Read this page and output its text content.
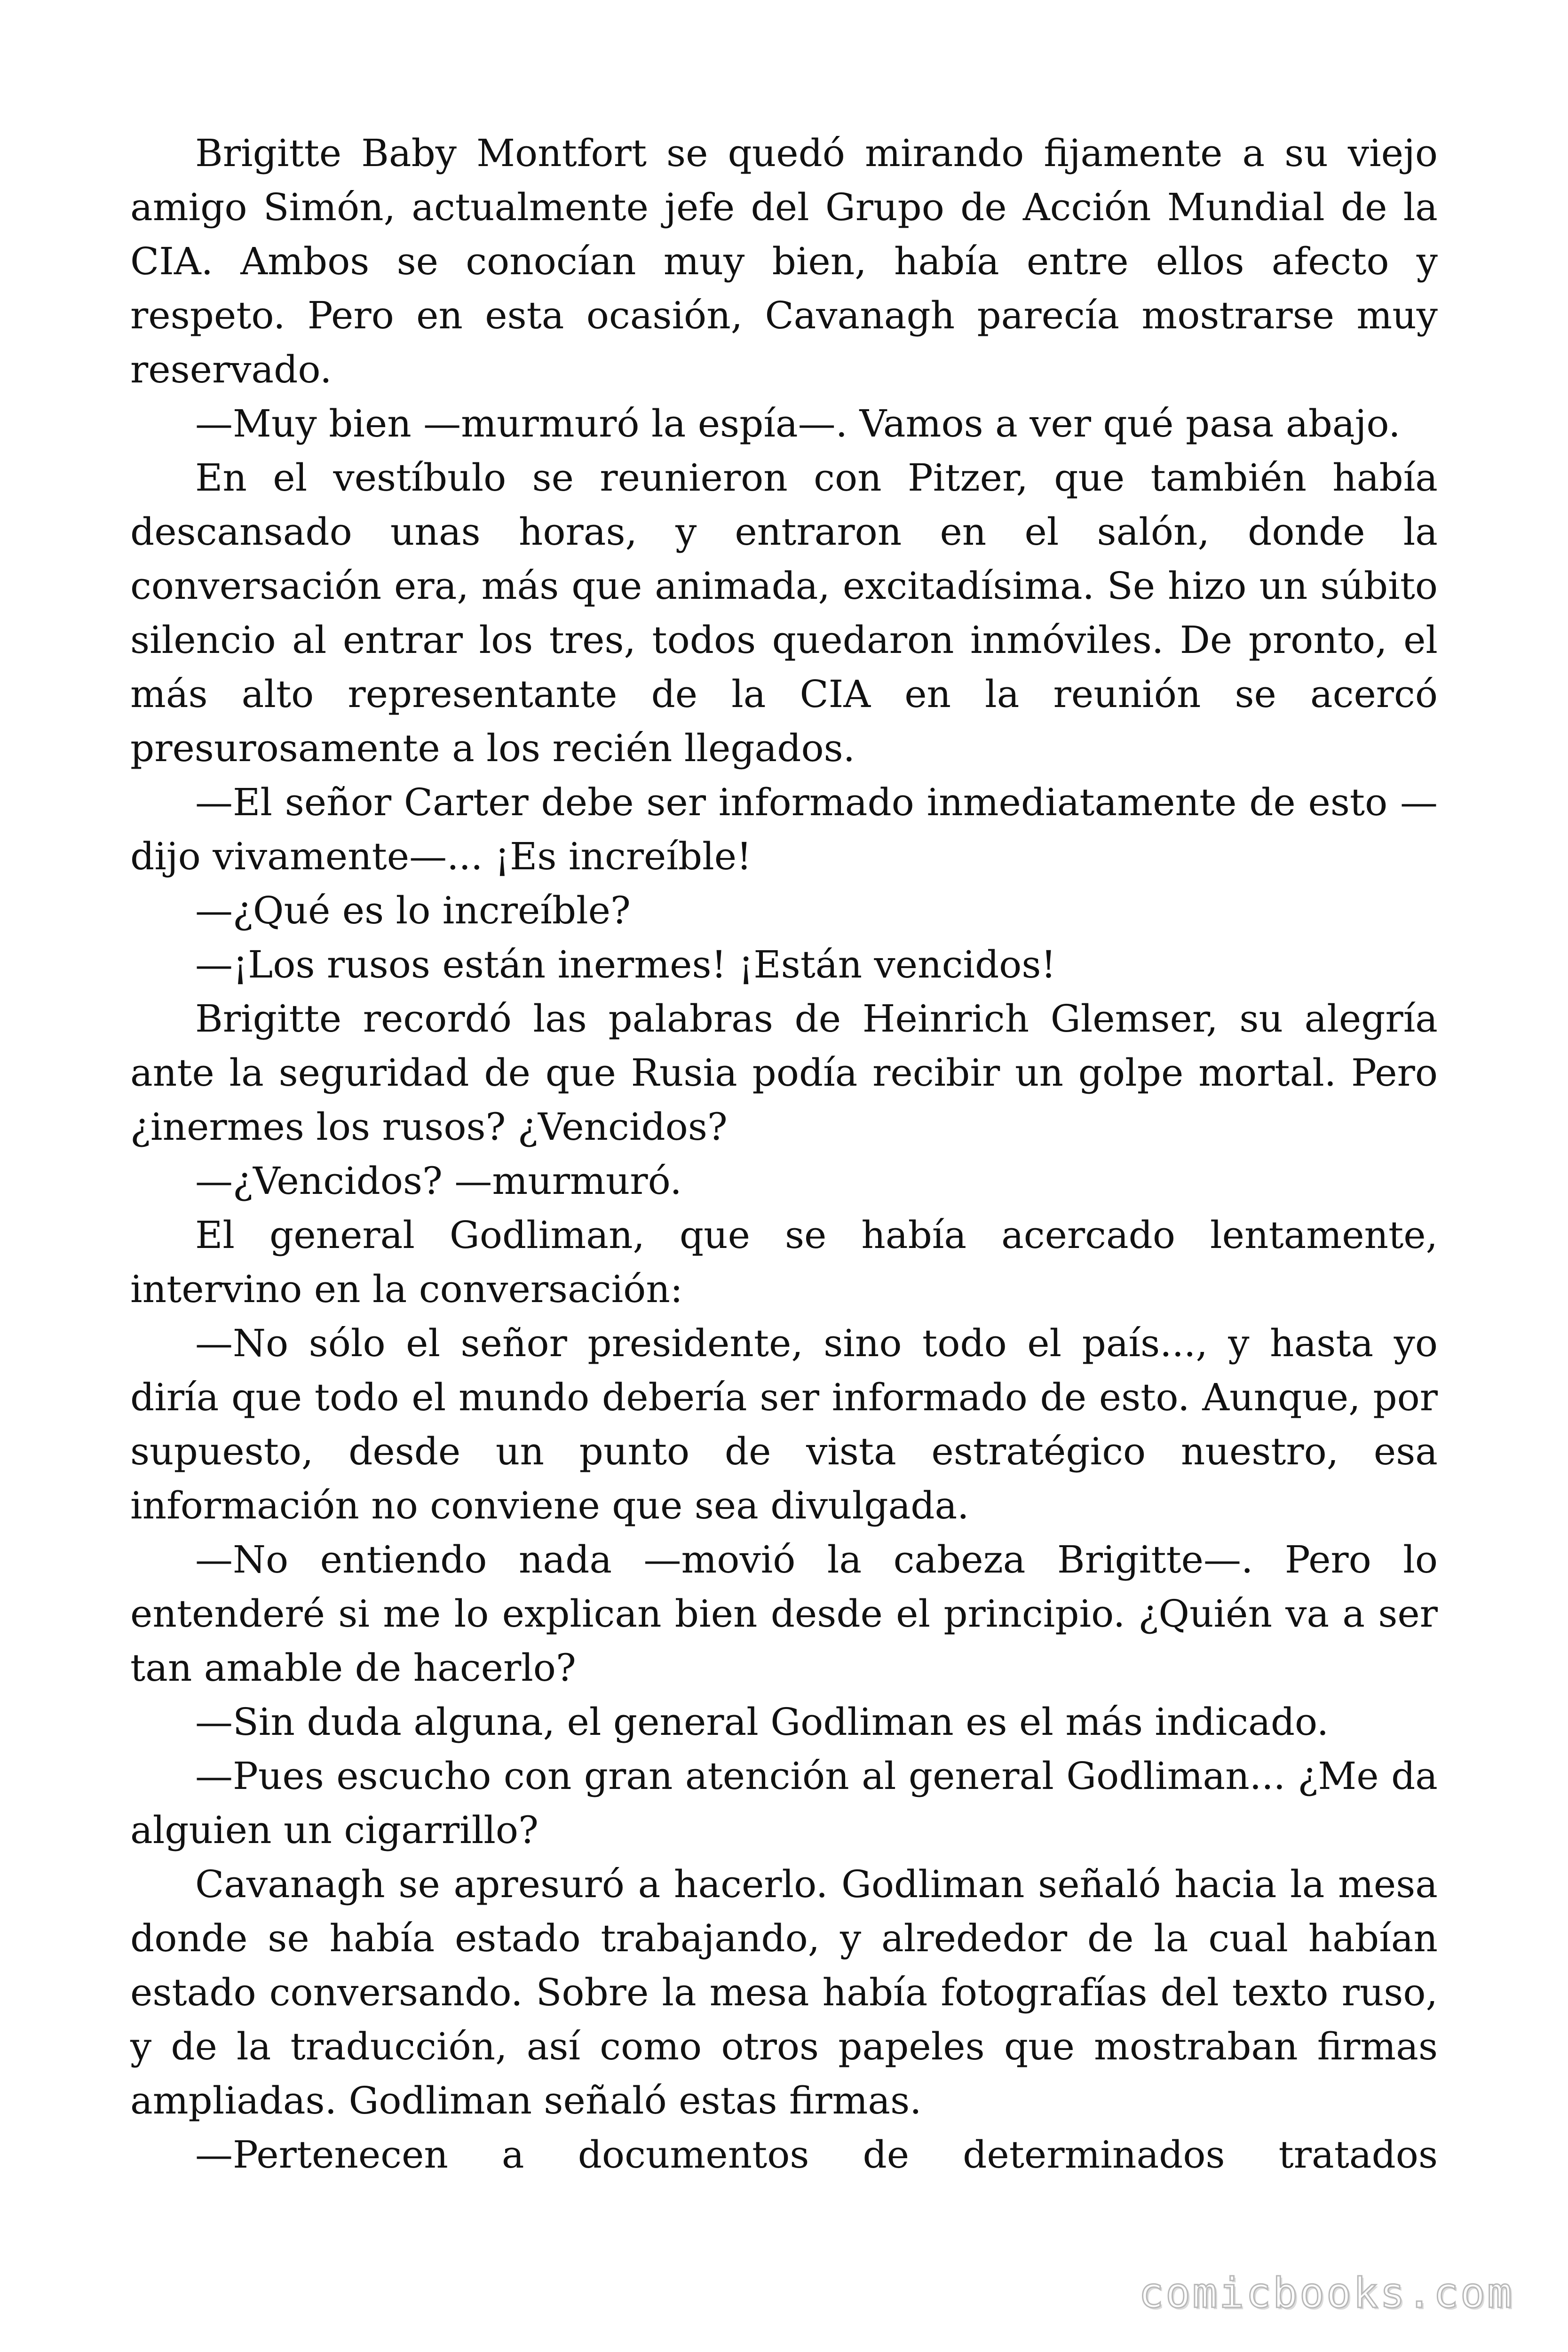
Brigitte Baby Montfort se quedó mirando fijamente a su viejo amigo Simón, actualmente jefe del Grupo de Acción Mundial de la CIA. Ambos se conocían muy bien, había entre ellos afecto y respeto. Pero en esta ocasión, Cavanagh parecía mostrarse muy reservado.

—Muy bien —murmuró la espía—. Vamos a ver qué pasa abajo.

En el vestíbulo se reunieron con Pitzer, que también había descansado unas horas, y entraron en el salón, donde la conversación era, más que animada, excitadísima. Se hizo un súbito silencio al entrar los tres, todos quedaron inmóviles. De pronto, el más alto representante de la CIA en la reunión se acercó presurosamente a los recién llegados.

—El señor Carter debe ser informado inmediatamente de esto —dijo vivamente—... ¡Es increíble!

—¿Qué es lo increíble?

—¡Los rusos están inermes! ¡Están vencidos!

Brigitte recordó las palabras de Heinrich Glemser, su alegría ante la seguridad de que Rusia podía recibir un golpe mortal. Pero ¿inermes los rusos? ¿Vencidos?

—¿Vencidos? —murmuró.

El general Godliman, que se había acercado lentamente, intervino en la conversación:

—No sólo el señor presidente, sino todo el país..., y hasta yo diría que todo el mundo debería ser informado de esto. Aunque, por supuesto, desde un punto de vista estratégico nuestro, esa información no conviene que sea divulgada.

—No entiendo nada —movió la cabeza Brigitte—. Pero lo entenderé si me lo explican bien desde el principio. ¿Quién va a ser tan amable de hacerlo?

—Sin duda alguna, el general Godliman es el más indicado.

—Pues escucho con gran atención al general Godliman... ¿Me da alguien un cigarrillo?

Cavanagh se apresuró a hacerlo. Godliman señaló hacia la mesa donde se había estado trabajando, y alrededor de la cual habían estado conversando. Sobre la mesa había fotografías del texto ruso, y de la traducción, así como otros papeles que mostraban firmas ampliadas. Godliman señaló estas firmas.

—Pertenecen a documentos de determinados tratados

comicbooks.com
